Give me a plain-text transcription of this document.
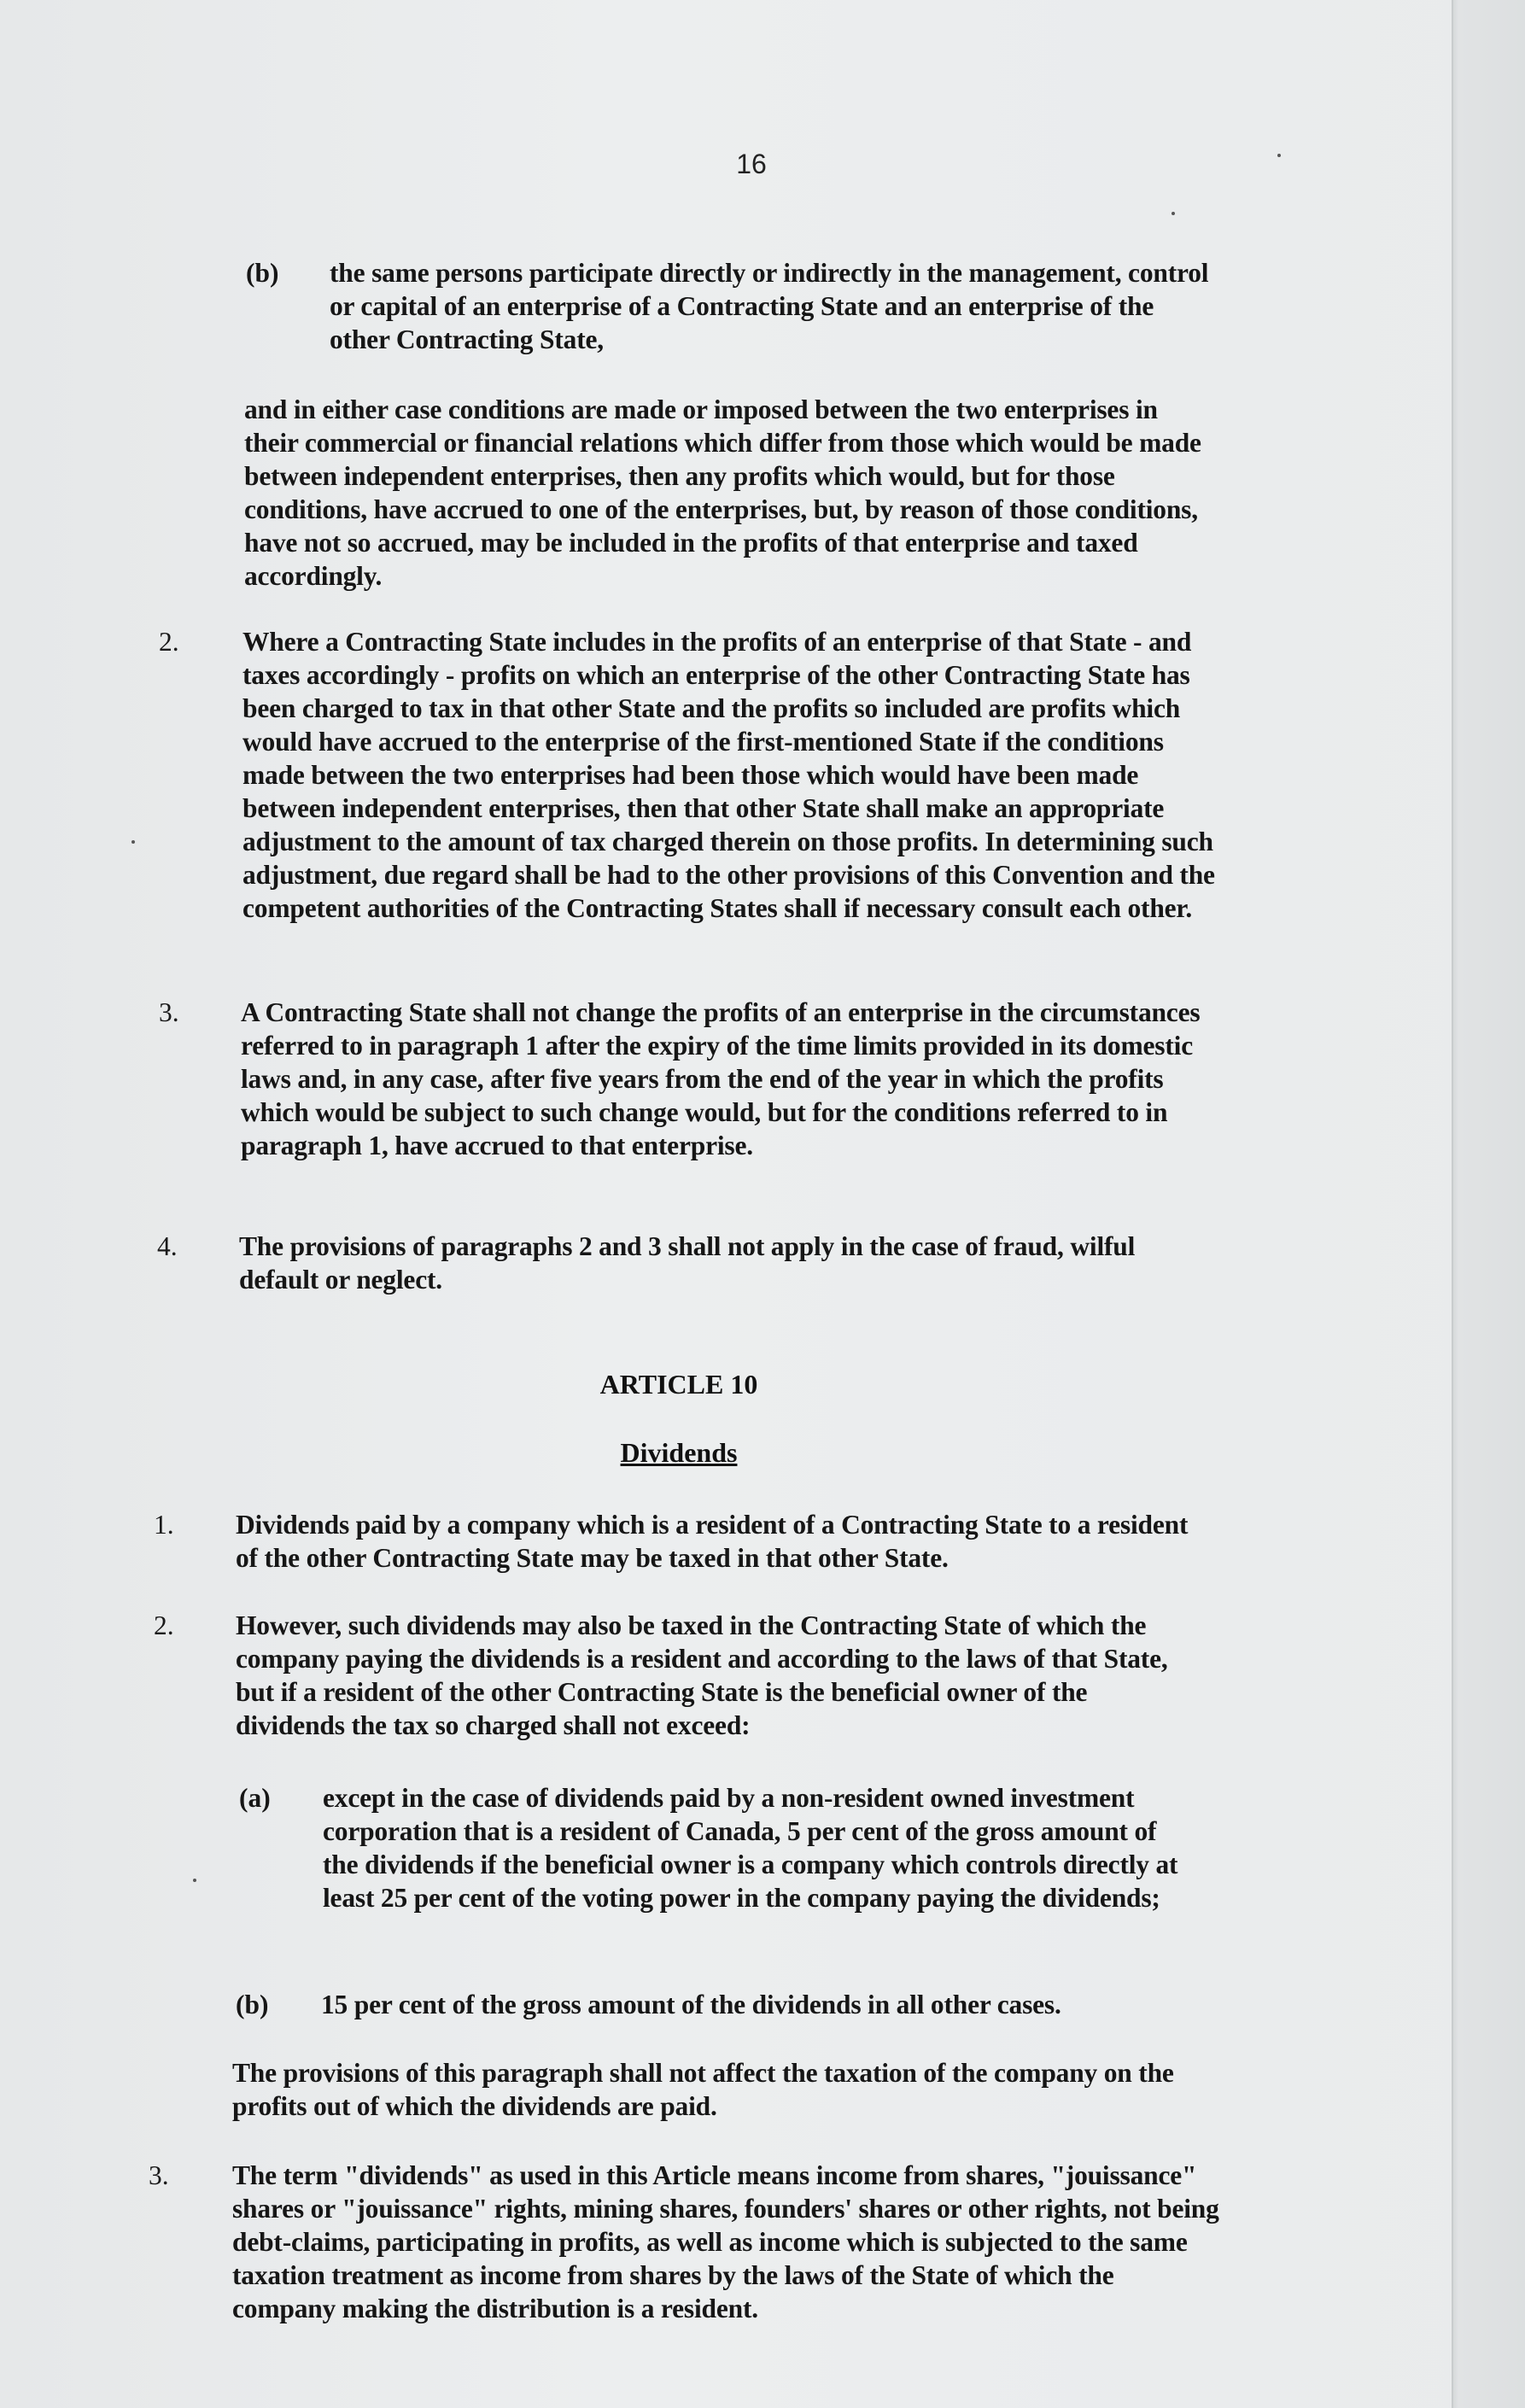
16
(b) the same persons participate directly or indirectly in the management, control or capital of an enterprise of a Contracting State and an enterprise of the other Contracting State,
and in either case conditions are made or imposed between the two enterprises in their commercial or financial relations which differ from those which would be made between independent enterprises, then any profits which would, but for those conditions, have accrued to one of the enterprises, but, by reason of those conditions, have not so accrued, may be included in the profits of that enterprise and taxed accordingly.
2. Where a Contracting State includes in the profits of an enterprise of that State - and taxes accordingly - profits on which an enterprise of the other Contracting State has been charged to tax in that other State and the profits so included are profits which would have accrued to the enterprise of the first-mentioned State if the conditions made between the two enterprises had been those which would have been made between independent enterprises, then that other State shall make an appropriate adjustment to the amount of tax charged therein on those profits. In determining such adjustment, due regard shall be had to the other provisions of this Convention and the competent authorities of the Contracting States shall if necessary consult each other.
3. A Contracting State shall not change the profits of an enterprise in the circumstances referred to in paragraph 1 after the expiry of the time limits provided in its domestic laws and, in any case, after five years from the end of the year in which the profits which would be subject to such change would, but for the conditions referred to in paragraph 1, have accrued to that enterprise.
4. The provisions of paragraphs 2 and 3 shall not apply in the case of fraud, wilful default or neglect.
ARTICLE 10
Dividends
1. Dividends paid by a company which is a resident of a Contracting State to a resident of the other Contracting State may be taxed in that other State.
2. However, such dividends may also be taxed in the Contracting State of which the company paying the dividends is a resident and according to the laws of that State, but if a resident of the other Contracting State is the beneficial owner of the dividends the tax so charged shall not exceed:
(a) except in the case of dividends paid by a non-resident owned investment corporation that is a resident of Canada, 5 per cent of the gross amount of the dividends if the beneficial owner is a company which controls directly at least 25 per cent of the voting power in the company paying the dividends;
(b) 15 per cent of the gross amount of the dividends in all other cases.
The provisions of this paragraph shall not affect the taxation of the company on the profits out of which the dividends are paid.
3. The term "dividends" as used in this Article means income from shares, "jouissance" shares or "jouissance" rights, mining shares, founders' shares or other rights, not being debt-claims, participating in profits, as well as income which is subjected to the same taxation treatment as income from shares by the laws of the State of which the company making the distribution is a resident.
